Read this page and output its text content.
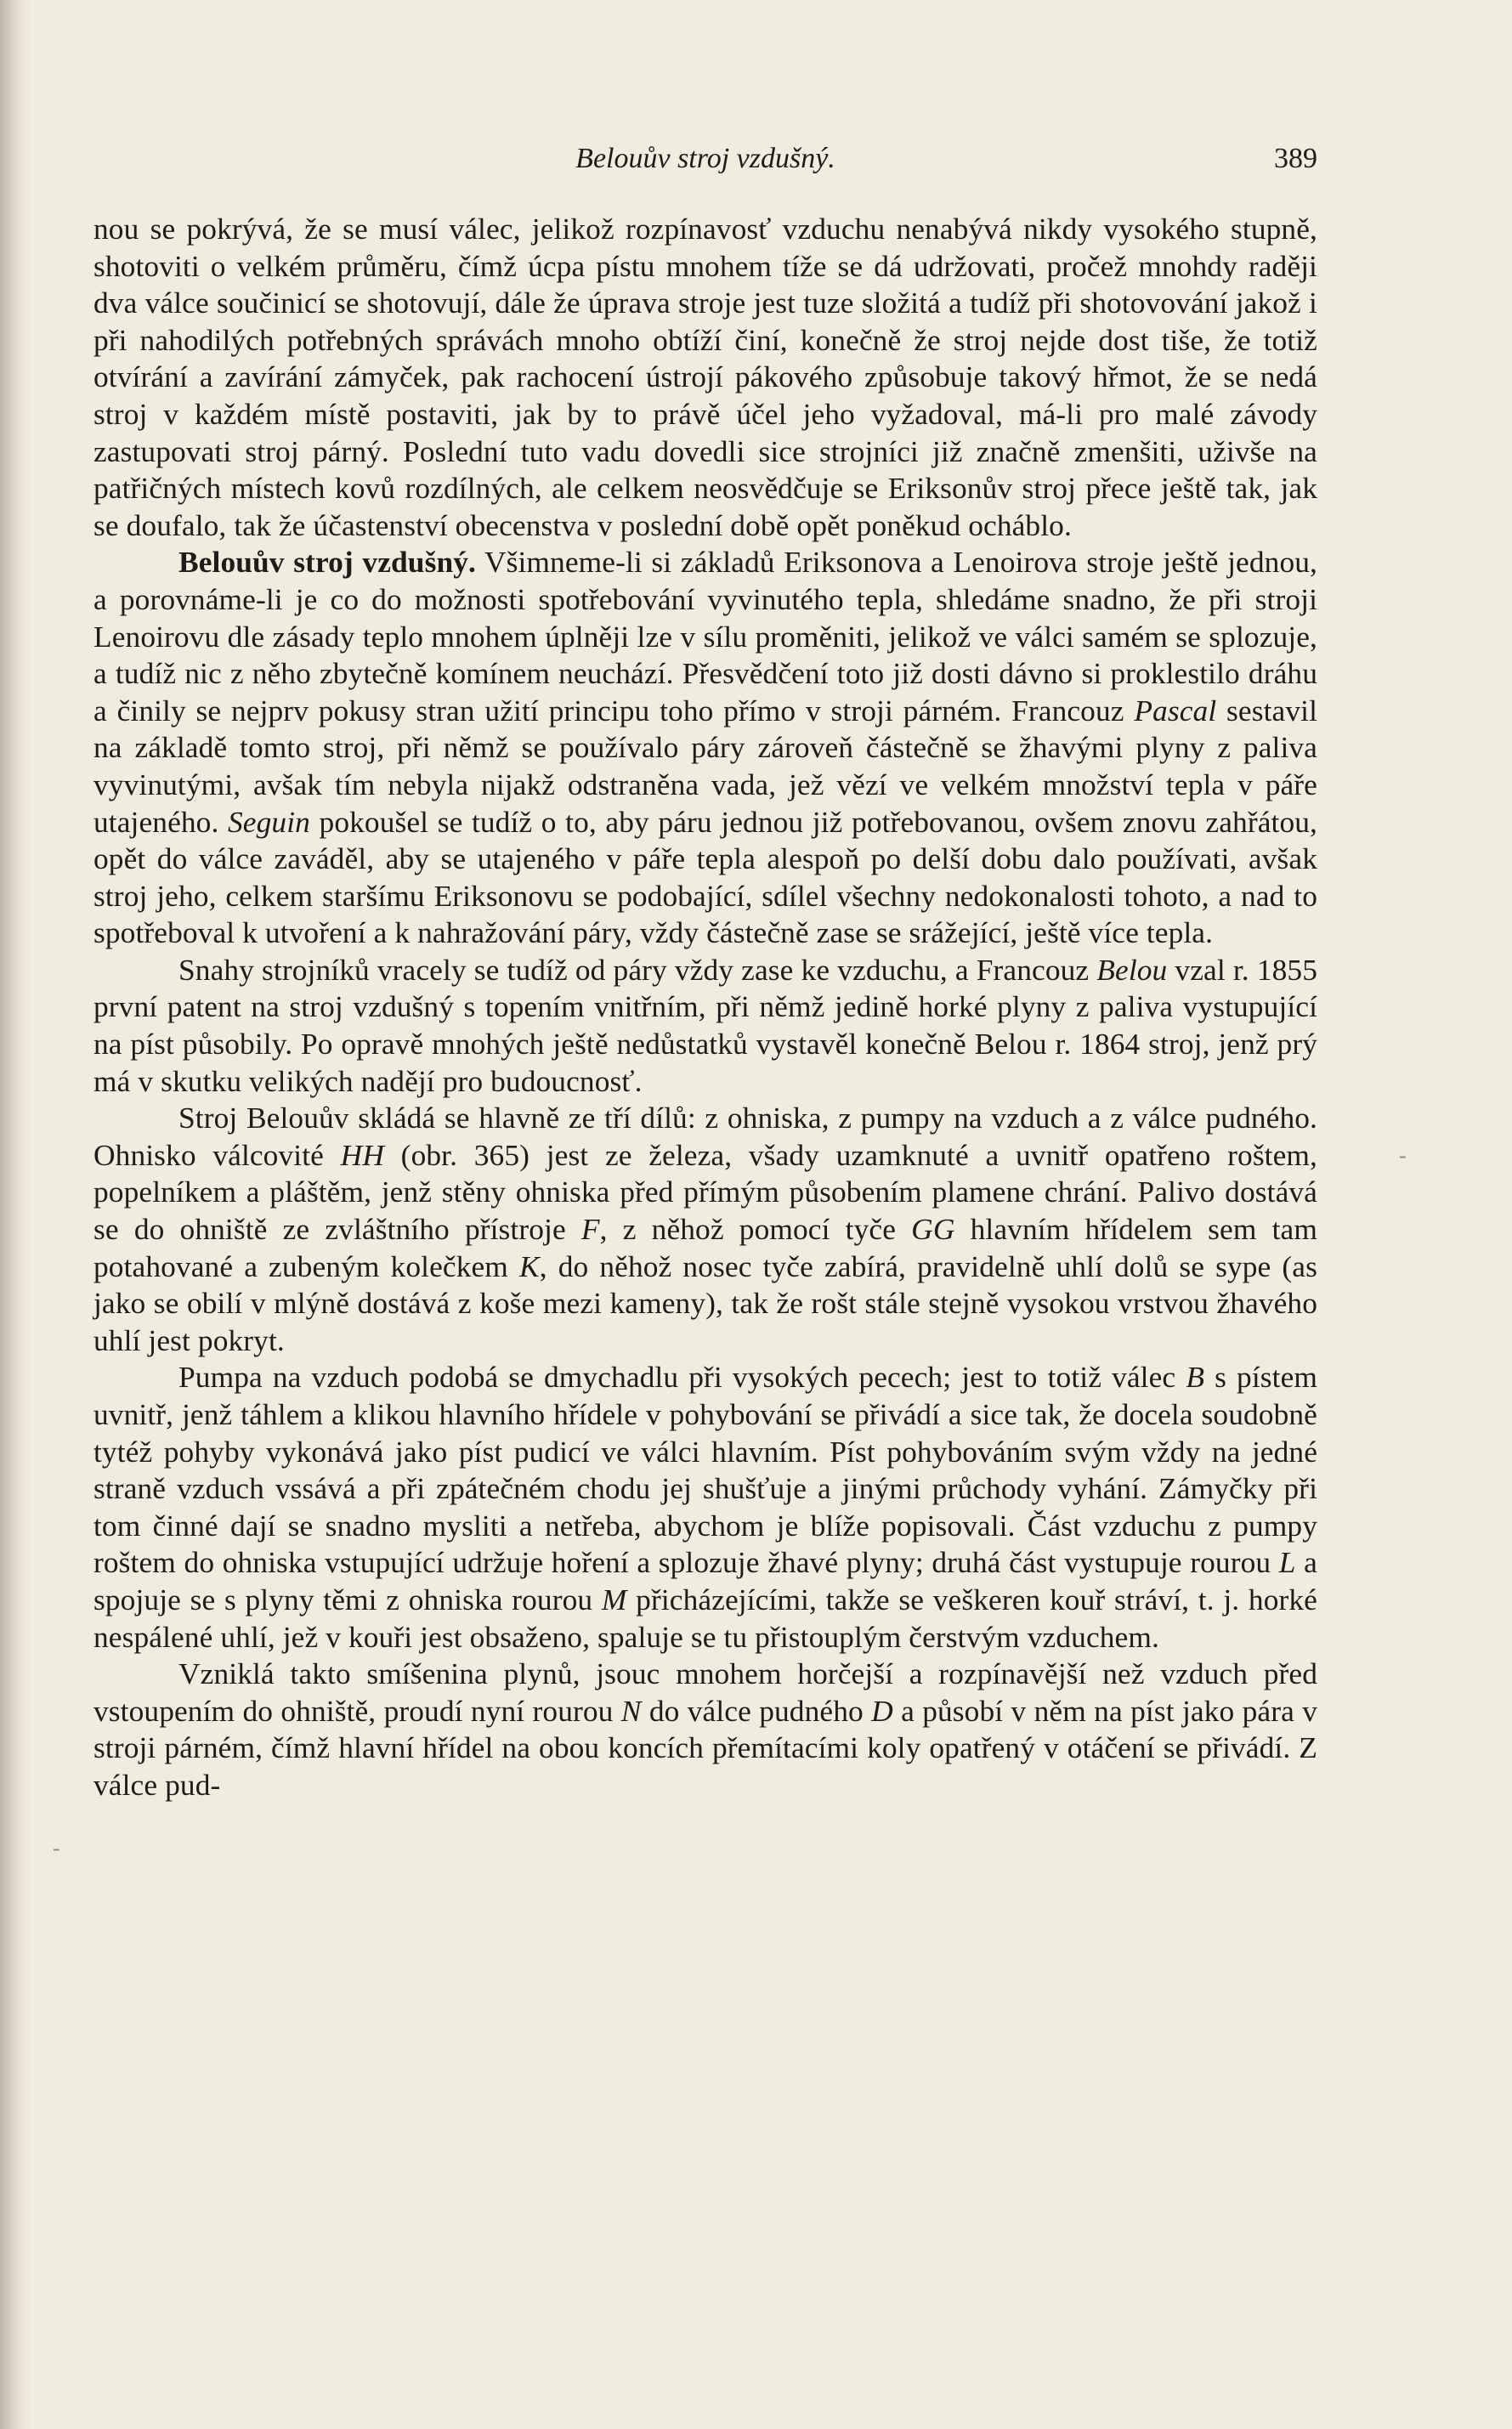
Belouův stroj vzdušný.	389

nou se pokrývá, že se musí válec, jelikož rozpínavosť vzduchu nenabývá nikdy vysokého stupně, shotoviti o velkém průměru, čímž úcpa pístu mnohem tíže se dá udržovati, pročež mnohdy raději dva válce součinicí se shotovují, dále že úprava stroje jest tuze složitá a tudíž při shotovování jakož i při nahodilých potřebných správách mnoho obtíží činí, konečně že stroj nejde dost tiše, že totiž otvírání a zavírání zámyček, pak rachocení ústrojí pákového způsobuje takový hřmot, že se nedá stroj v každém místě postaviti, jak by to právě účel jeho vyžadoval, má-li pro malé závody zastupovati stroj párný. Poslední tuto vadu dovedli sice strojníci již značně zmenšiti, uživše na patřičných místech kovů rozdílných, ale celkem neosvědčuje se Eriksonův stroj přece ještě tak, jak se doufalo, tak že účastenství obecenstva v poslední době opět poněkud ocháblo.

Belouův stroj vzdušný. Všimneme-li si základů Eriksonova a Lenoirova stroje ještě jednou, a porovnáme-li je co do možnosti spotřebování vyvinutého tepla, shledáme snadno, že při stroji Lenoirovu dle zásady teplo mnohem úplněji lze v sílu proměniti, jelikož ve válci samém se splozuje, a tudíž nic z něho zbytečně komínem neuchází. Přesvědčení toto již dosti dávno si proklestilo dráhu a činily se nejprv pokusy stran užití principu toho přímo v stroji párném. Francouz Pascal sestavil na základě tomto stroj, při němž se používalo páry zároveň částečně se žhavými plyny z paliva vyvinutými, avšak tím nebyla nijakž odstraněna vada, jež vězí ve velkém množství tepla v páře utajeného. Seguin pokoušel se tudíž o to, aby páru jednou již potřebovanou, ovšem znovu zahřátou, opět do válce zaváděl, aby se utajeného v páře tepla alespoň po delší dobu dalo používati, avšak stroj jeho, celkem staršímu Eriksonovu se podobající, sdílel všechny nedokonalosti tohoto, a nad to spotřeboval k utvoření a k nahražování páry, vždy částečně zase se srážející, ještě více tepla.

Snahy strojníků vracely se tudíž od páry vždy zase ke vzduchu, a Francouz Belou vzal r. 1855 první patent na stroj vzdušný s topením vnitřním, při němž jedině horké plyny z paliva vystupující na píst působily. Po opravě mnohých ještě nedůstatků vystavěl konečně Belou r. 1864 stroj, jenž prý má v skutku velikých nadějí pro budoucnosť.

Stroj Belouův skládá se hlavně ze tří dílů: z ohniska, z pumpy na vzduch a z válce pudného. Ohnisko válcovité HH (obr. 365) jest ze železa, všady uzamknuté a uvnitř opatřeno roštem, popelníkem a pláštěm, jenž stěny ohniska před přímým působením plamene chrání. Palivo dostává se do ohniště ze zvláštního přístroje F, z něhož pomocí tyče GG hlavním hřídelem sem tam potahované a zubeným kolečkem K, do něhož nosec tyče zabírá, pravidelně uhlí dolů se sype (as jako se obilí v mlýně dostává z koše mezi kameny), tak že rošt stále stejně vysokou vrstvou žhavého uhlí jest pokryt.

Pumpa na vzduch podobá se dmychadlu při vysokých pecech; jest to totiž válec B s pístem uvnitř, jenž táhlem a klikou hlavního hřídele v pohybování se přivádí a sice tak, že docela soudobně tytéž pohyby vykonává jako píst pudicí ve válci hlavním. Píst pohybováním svým vždy na jedné straně vzduch vssává a při zpátečném chodu jej shušťuje a jinými průchody vyhání. Zámyčky při tom činné dají se snadno mysliti a netřeba, abychom je blíže popisovali. Část vzduchu z pumpy roštem do ohniska vstupující udržuje hoření a splozuje žhavé plyny; druhá část vystupuje rourou L a spojuje se s plyny těmi z ohniska rourou M přicházejícími, takže se veškeren kouř stráví, t. j. horké nespálené uhlí, jež v kouři jest obsaženo, spaluje se tu přistouplým čerstvým vzduchem.

Vzniklá takto smíšenina plynů, jsouc mnohem horčejší a rozpínavější než vzduch před vstoupením do ohniště, proudí nyní rourou N do válce pudného D a působí v něm na píst jako pára v stroji párném, čímž hlavní hřídel na obou koncích přemítacími koly opatřený v otáčení se přivádí. Z válce pud-

-
-
